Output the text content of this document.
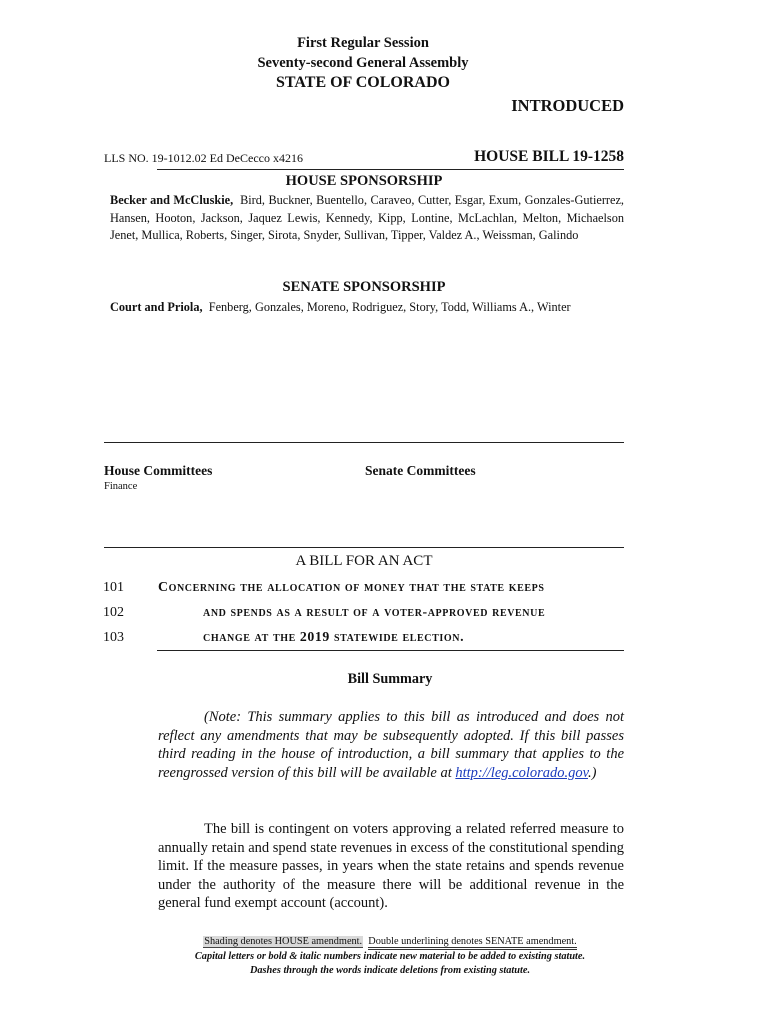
First Regular Session
Seventy-second General Assembly
STATE OF COLORADO
INTRODUCED
LLS NO. 19-1012.02 Ed DeCecco x4216	HOUSE BILL 19-1258
HOUSE SPONSORSHIP
Becker and McCluskie, Bird, Buckner, Buentello, Caraveo, Cutter, Esgar, Exum, Gonzales-Gutierrez, Hansen, Hooton, Jackson, Jaquez Lewis, Kennedy, Kipp, Lontine, McLachlan, Melton, Michaelson Jenet, Mullica, Roberts, Singer, Sirota, Snyder, Sullivan, Tipper, Valdez A., Weissman, Galindo
SENATE SPONSORSHIP
Court and Priola, Fenberg, Gonzales, Moreno, Rodriguez, Story, Todd, Williams A., Winter
House Committees
Finance
Senate Committees
A BILL FOR AN ACT
101 Concerning the allocation of money that the state keeps
102	and spends as a result of a voter-approved revenue
103	change at the 2019 statewide election.
Bill Summary
(Note: This summary applies to this bill as introduced and does not reflect any amendments that may be subsequently adopted. If this bill passes third reading in the house of introduction, a bill summary that applies to the reengrossed version of this bill will be available at http://leg.colorado.gov.)
The bill is contingent on voters approving a related referred measure to annually retain and spend state revenues in excess of the constitutional spending limit. If the measure passes, in years when the state retains and spends revenue under the authority of the measure there will be additional revenue in the general fund exempt account (account).
Shading denotes HOUSE amendment. Double underlining denotes SENATE amendment.
Capital letters or bold & italic numbers indicate new material to be added to existing statute.
Dashes through the words indicate deletions from existing statute.
